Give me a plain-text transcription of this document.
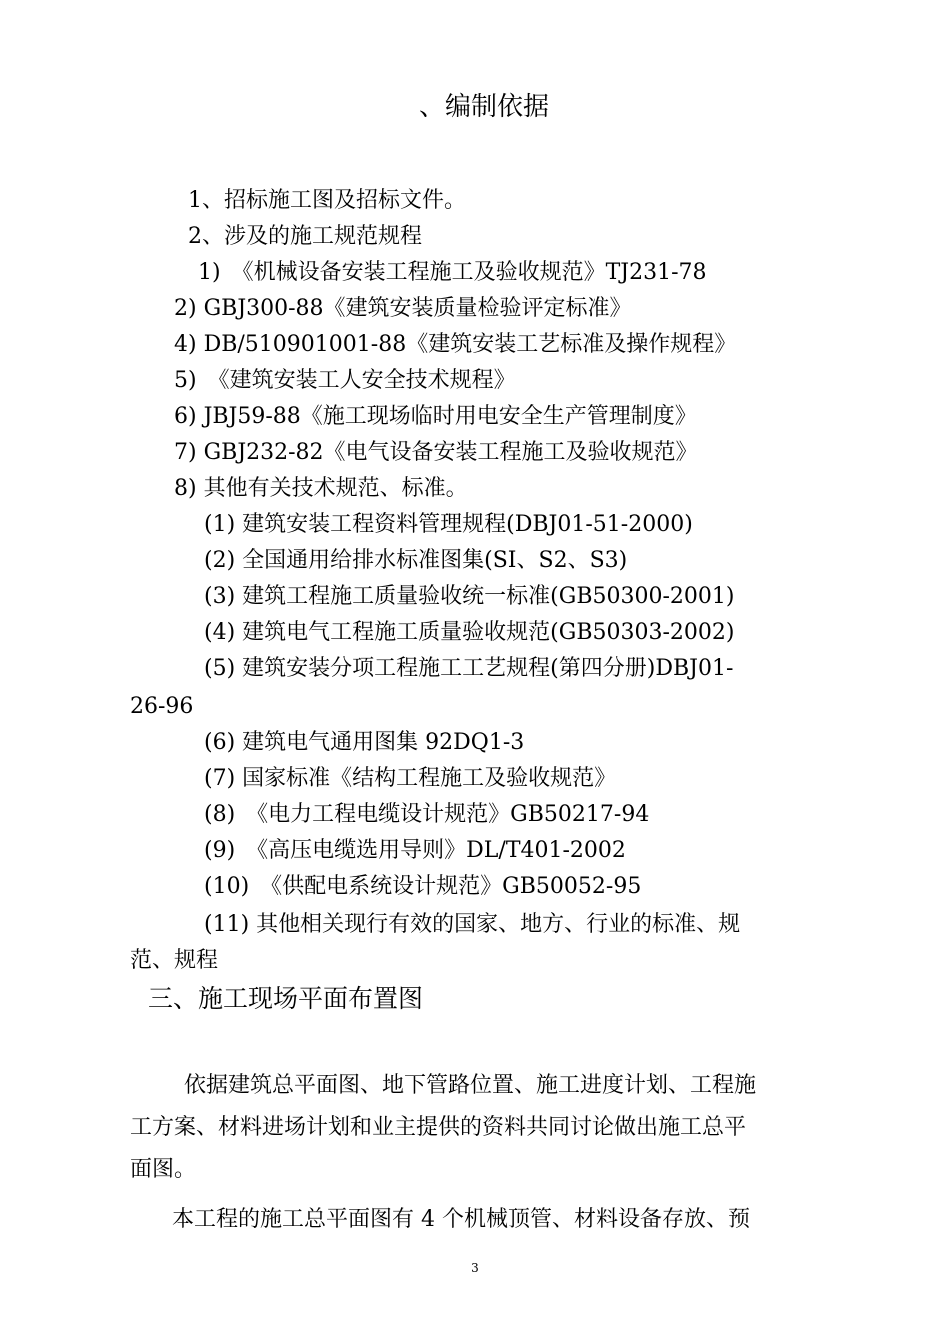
、编制依据
1、招标施工图及招标文件。
2、涉及的施工规范规程
1)　《机械设备安装工程施工及验收规范》TJ231-78
2) GBJ300-88《建筑安装质量检验评定标准》
4) DB/510901001-88《建筑安装工艺标准及操作规程》
5)　《建筑安装工人安全技术规程》
6) JBJ59-88《施工现场临时用电安全生产管理制度》
7) GBJ232-82《电气设备安装工程施工及验收规范》
8) 其他有关技术规范、标准。
(1) 建筑安装工程资料管理规程(DBJ01-51-2000)
(2) 全国通用给排水标准图集(SI、S2、S3)
(3) 建筑工程施工质量验收统一标准(GB50300-2001)
(4) 建筑电气工程施工质量验收规范(GB50303-2002)
(5) 建筑安装分项工程施工工艺规程(第四分册)DBJ01-
26-96
(6) 建筑电气通用图集 92DQ1-3
(7) 国家标准《结构工程施工及验收规范》
(8)　《电力工程电缆设计规范》GB50217-94
(9)　《高压电缆选用导则》DL/T401-2002
(10)　《供配电系统设计规范》GB50052-95
(11) 其他相关现行有效的国家、地方、行业的标准、规
范、规程
三、施工现场平面布置图
依据建筑总平面图、地下管路位置、施工进度计划、工程施
工方案、材料进场计划和业主提供的资料共同讨论做出施工总平
面图。
本工程的施工总平面图有 4 个机械顶管、材料设备存放、预
3
